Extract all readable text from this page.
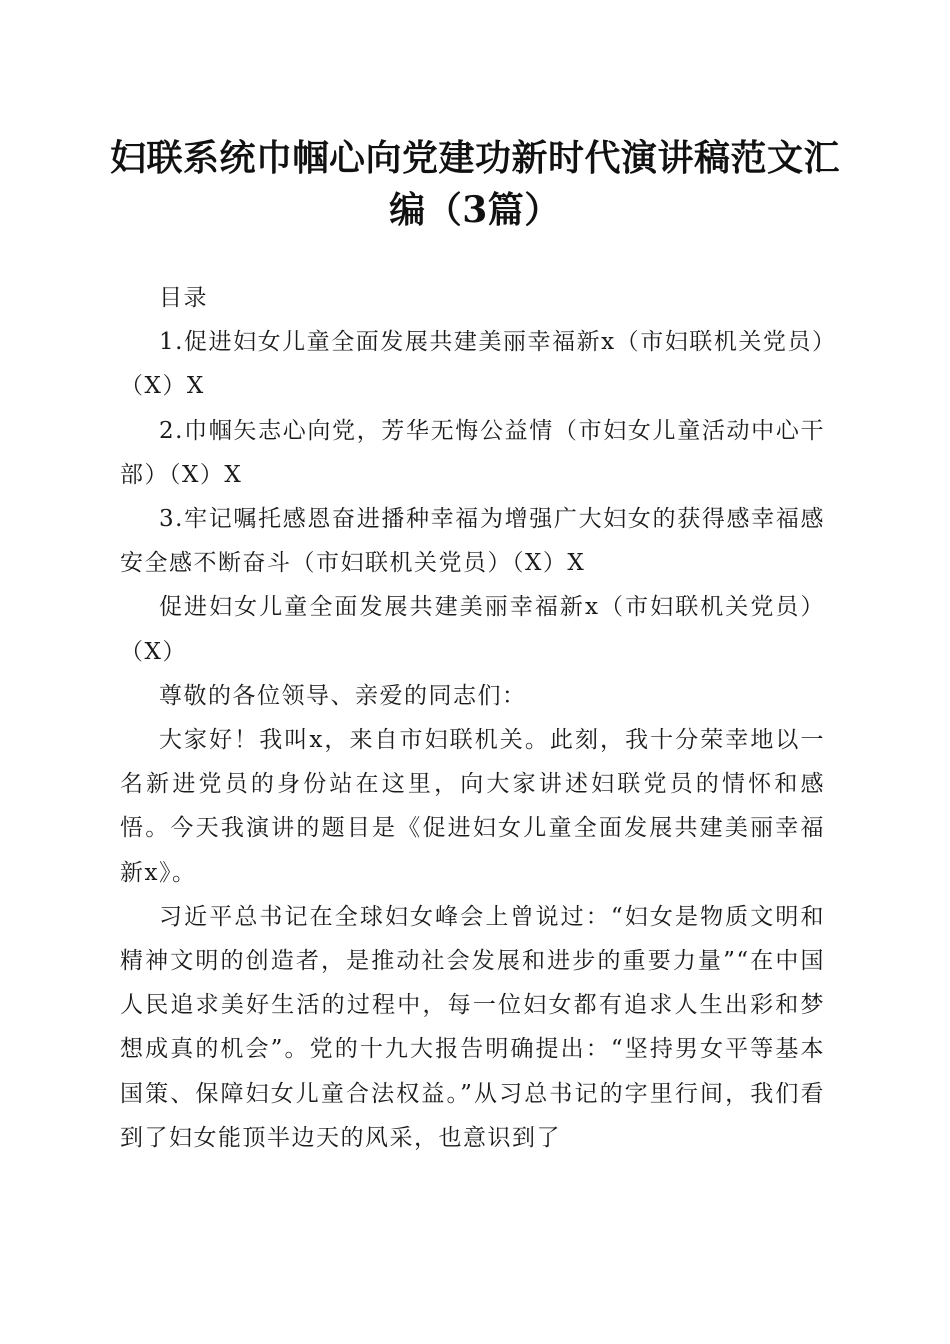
妇联系统巾帼心向党建功新时代演讲稿范文汇编（3篇）

目录

1.促进妇女儿童全面发展共建美丽幸福新x（市妇联机关党员）（X）X

2.巾帼矢志心向党，芳华无悔公益情（市妇女儿童活动中心干部）（X）X

3.牢记嘱托感恩奋进播种幸福为增强广大妇女的获得感幸福感安全感不断奋斗（市妇联机关党员）（X）X

促进妇女儿童全面发展共建美丽幸福新x（市妇联机关党员）（X）

尊敬的各位领导、亲爱的同志们：

大家好！我叫x，来自市妇联机关。此刻，我十分荣幸地以一名新进党员的身份站在这里，向大家讲述妇联党员的情怀和感悟。今天我演讲的题目是《促进妇女儿童全面发展共建美丽幸福新x》。

习近平总书记在全球妇女峰会上曾说过：“妇女是物质文明和精神文明的创造者，是推动社会发展和进步的重要力量”“在中国人民追求美好生活的过程中，每一位妇女都有追求人生出彩和梦想成真的机会”。党的十九大报告明确提出：“坚持男女平等基本国策、保障妇女儿童合法权益。”从习总书记的字里行间，我们看到了妇女能顶半边天的风采，也意识到了
